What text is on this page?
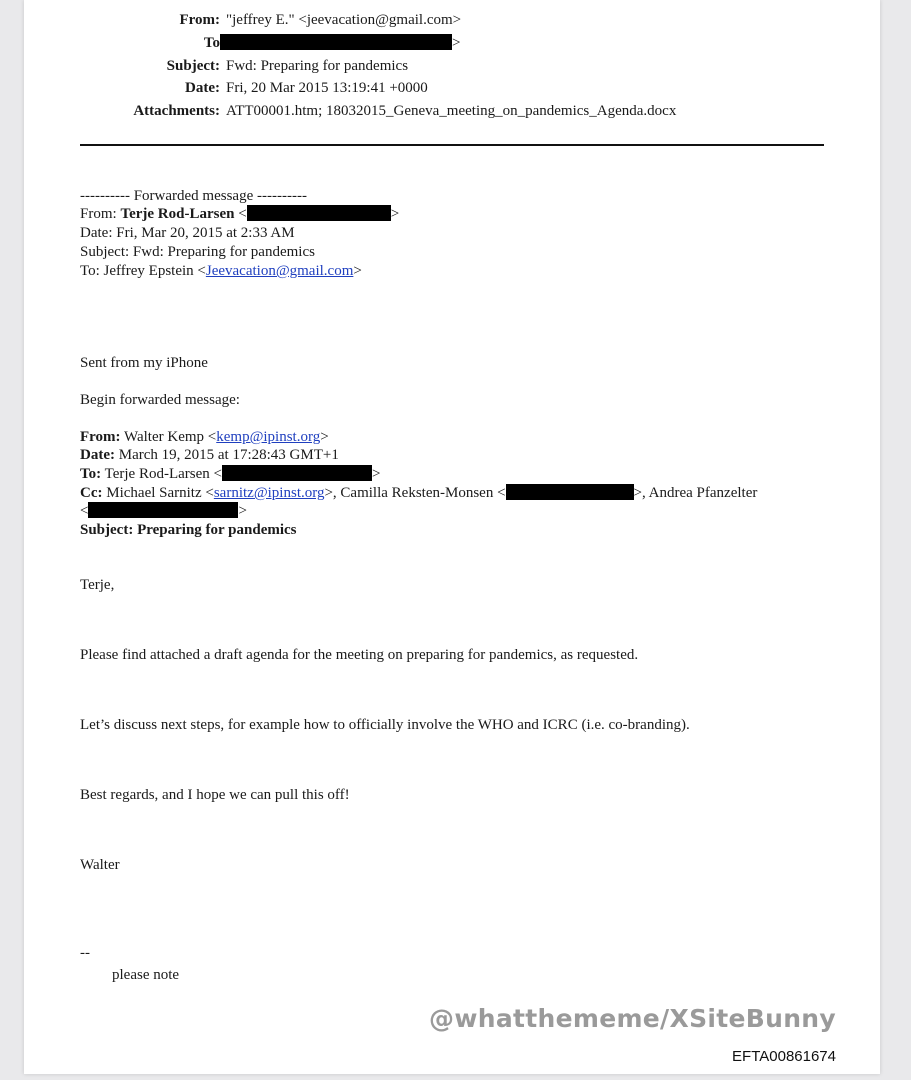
From: "jeffrey E." <jeevacation@gmail.com>
To	>
Subject: Fwd: Preparing for pandemics
Date: Fri, 20 Mar 2015 13:19:41 +0000
Attachments: ATT00001.htm; 18032015_Geneva_meeting_on_pandemics_Agenda.docx
---------- Forwarded message ----------
From: Terje Rod-Larsen <	>
Date: Fri, Mar 20, 2015 at 2:33 AM
Subject: Fwd: Preparing for pandemics
To: Jeffrey Epstein <Jeevacation@gmail.com>
Sent from my iPhone
Begin forwarded message:
From: Walter Kemp <kemp@ipinst.org>
Date: March 19, 2015 at 17:28:43 GMT+1
To: Terje Rod-Larsen <	>
Cc: Michael Sarnitz <sarnitz@ipinst.org>, Camilla Reksten-Monsen <	>, Andrea Pfanzelter
<	>
Subject: Preparing for pandemics
Terje,
Please find attached a draft agenda for the meeting on preparing for pandemics, as requested.
Let’s discuss next steps, for example how to officially involve the WHO and ICRC (i.e. co-branding).
Best regards, and I hope we can pull this off!
Walter
--
please note
@whatthememe/XSiteBunny
EFTA00861674
